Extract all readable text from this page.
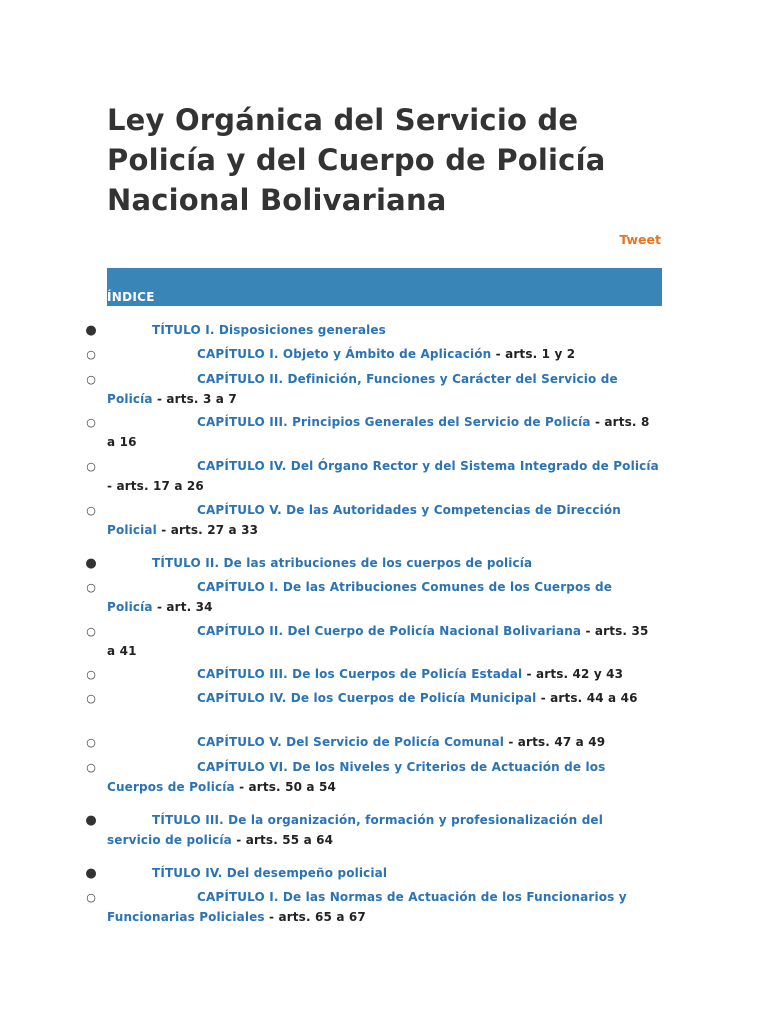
Ley Orgánica del Servicio de Policía y del Cuerpo de Policía Nacional Bolivariana
Tweet
ÍNDICE
●	TÍTULO I. Disposiciones generales
○	CAPÍTULO I. Objeto y Ámbito de Aplicación - arts. 1 y 2
○	CAPÍTULO II. Definición, Funciones y Carácter del Servicio de Policía - arts. 3 a 7
○	CAPÍTULO III. Principios Generales del Servicio de Policía - arts. 8 a 16
○	CAPÍTULO IV. Del Órgano Rector y del Sistema Integrado de Policía - arts. 17 a 26
○	CAPÍTULO V. De las Autoridades y Competencias de Dirección Policial - arts. 27 a 33
●	TÍTULO II. De las atribuciones de los cuerpos de policía
○	CAPÍTULO I. De las Atribuciones Comunes de los Cuerpos de Policía - art. 34
○	CAPÍTULO II. Del Cuerpo de Policía Nacional Bolivariana - arts. 35 a 41
○	CAPÍTULO III. De los Cuerpos de Policía Estadal - arts. 42 y 43
○	CAPÍTULO IV. De los Cuerpos de Policía Municipal - arts. 44 a 46
○	CAPÍTULO V. Del Servicio de Policía Comunal - arts. 47 a 49
○	CAPÍTULO VI. De los Niveles y Criterios de Actuación de los Cuerpos de Policía - arts. 50 a 54
●	TÍTULO III. De la organización, formación y profesionalización del servicio de policía - arts. 55 a 64
●	TÍTULO IV. Del desempeño policial
○	CAPÍTULO I. De las Normas de Actuación de los Funcionarios y Funcionarias Policiales - arts. 65 a 67
